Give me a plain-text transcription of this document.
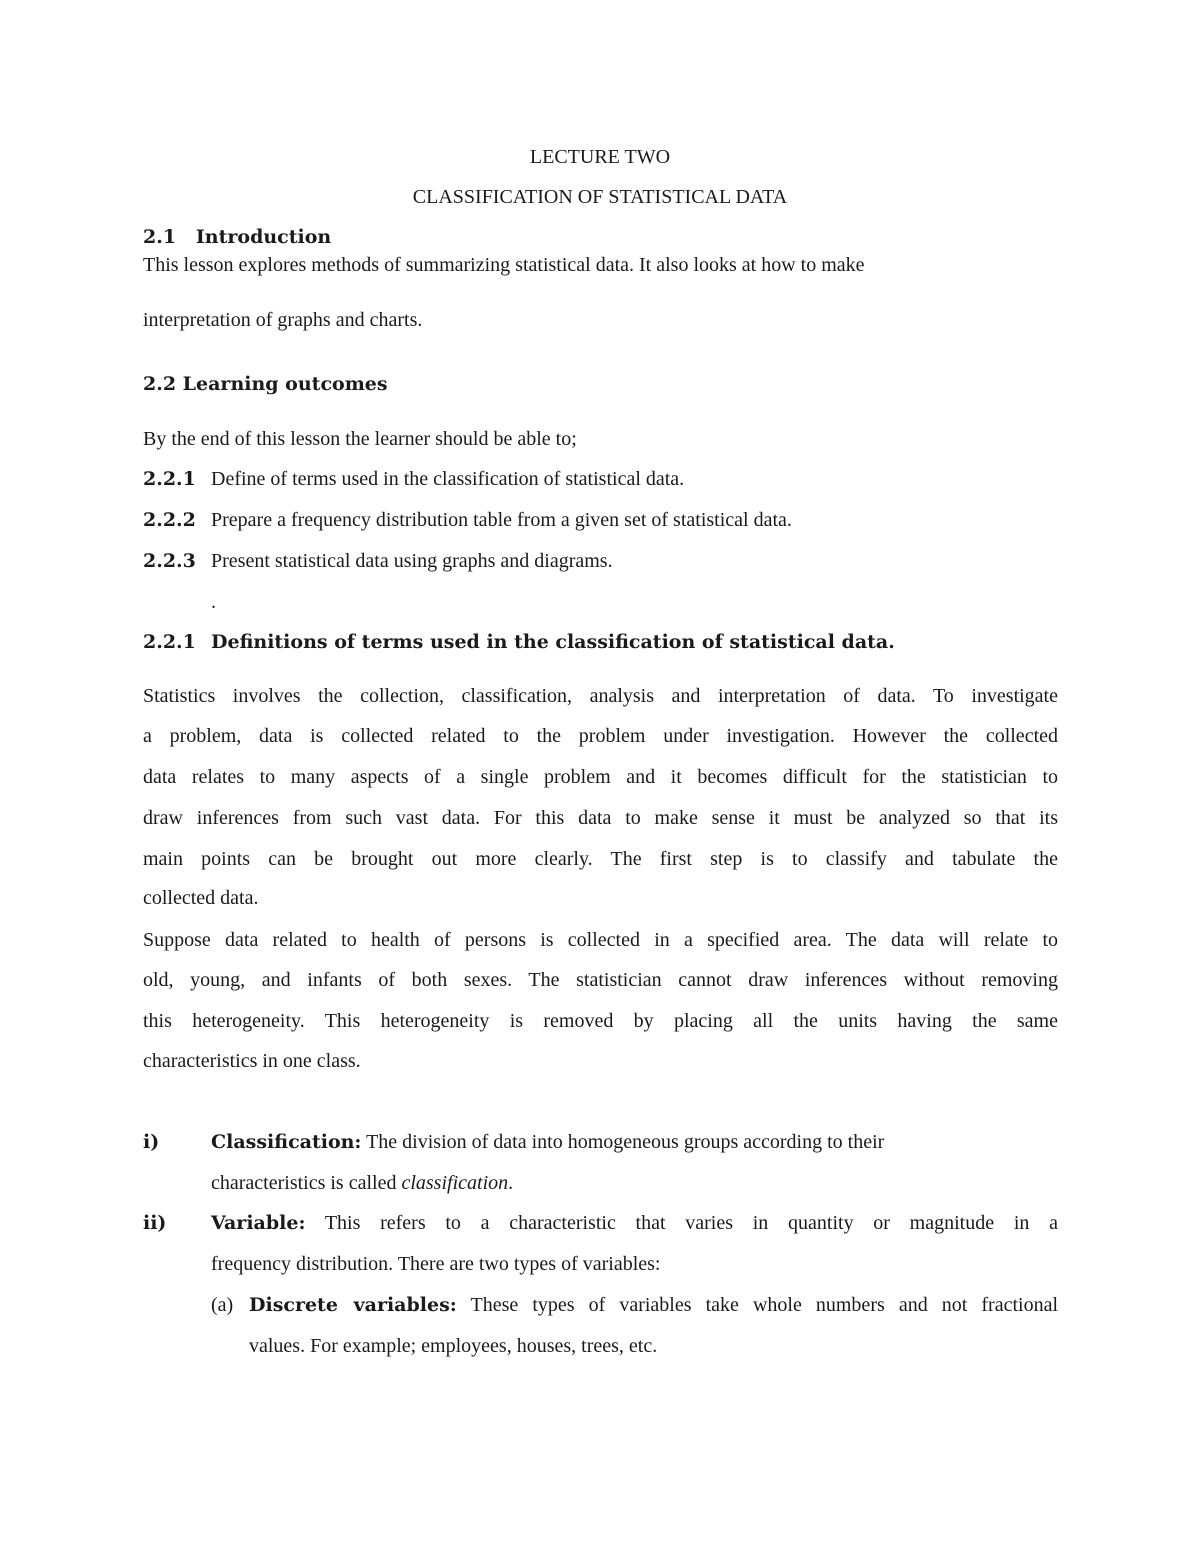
LECTURE TWO
CLASSIFICATION OF STATISTICAL DATA
2.1 Introduction
This lesson explores methods of summarizing statistical data. It also looks at how to make
interpretation of graphs and charts.
2.2 Learning outcomes
By the end of this lesson the learner should be able to;
2.2.1 Define of terms used in the classification of statistical data.
2.2.2 Prepare a frequency distribution table from a given set of statistical data.
2.2.3 Present statistical data using graphs and diagrams.
.
2.2.1 Definitions of terms used in the classification of statistical data.
Statistics involves the collection, classification, analysis and interpretation of data. To investigate
a problem, data is collected related to the problem under investigation. However the collected
data relates to many aspects of a single problem and it becomes difficult for the statistician to
draw inferences from such vast data. For this data to make sense it must be analyzed so that its
main points can be brought out more clearly. The first step is to classify and tabulate the
collected data.
Suppose data related to health of persons is collected in a specified area. The data will relate to
old, young, and infants of both sexes. The statistician cannot draw inferences without removing
this heterogeneity. This heterogeneity is removed by placing all the units having the same
characteristics in one class.
i)	Classification: The division of data into homogeneous groups according to their
characteristics is called classification.
ii) Variable: This refers to a characteristic that varies in quantity or magnitude in a
frequency distribution. There are two types of variables:
(a) Discrete variables: These types of variables take whole numbers and not fractional
values. For example; employees, houses, trees, etc.
